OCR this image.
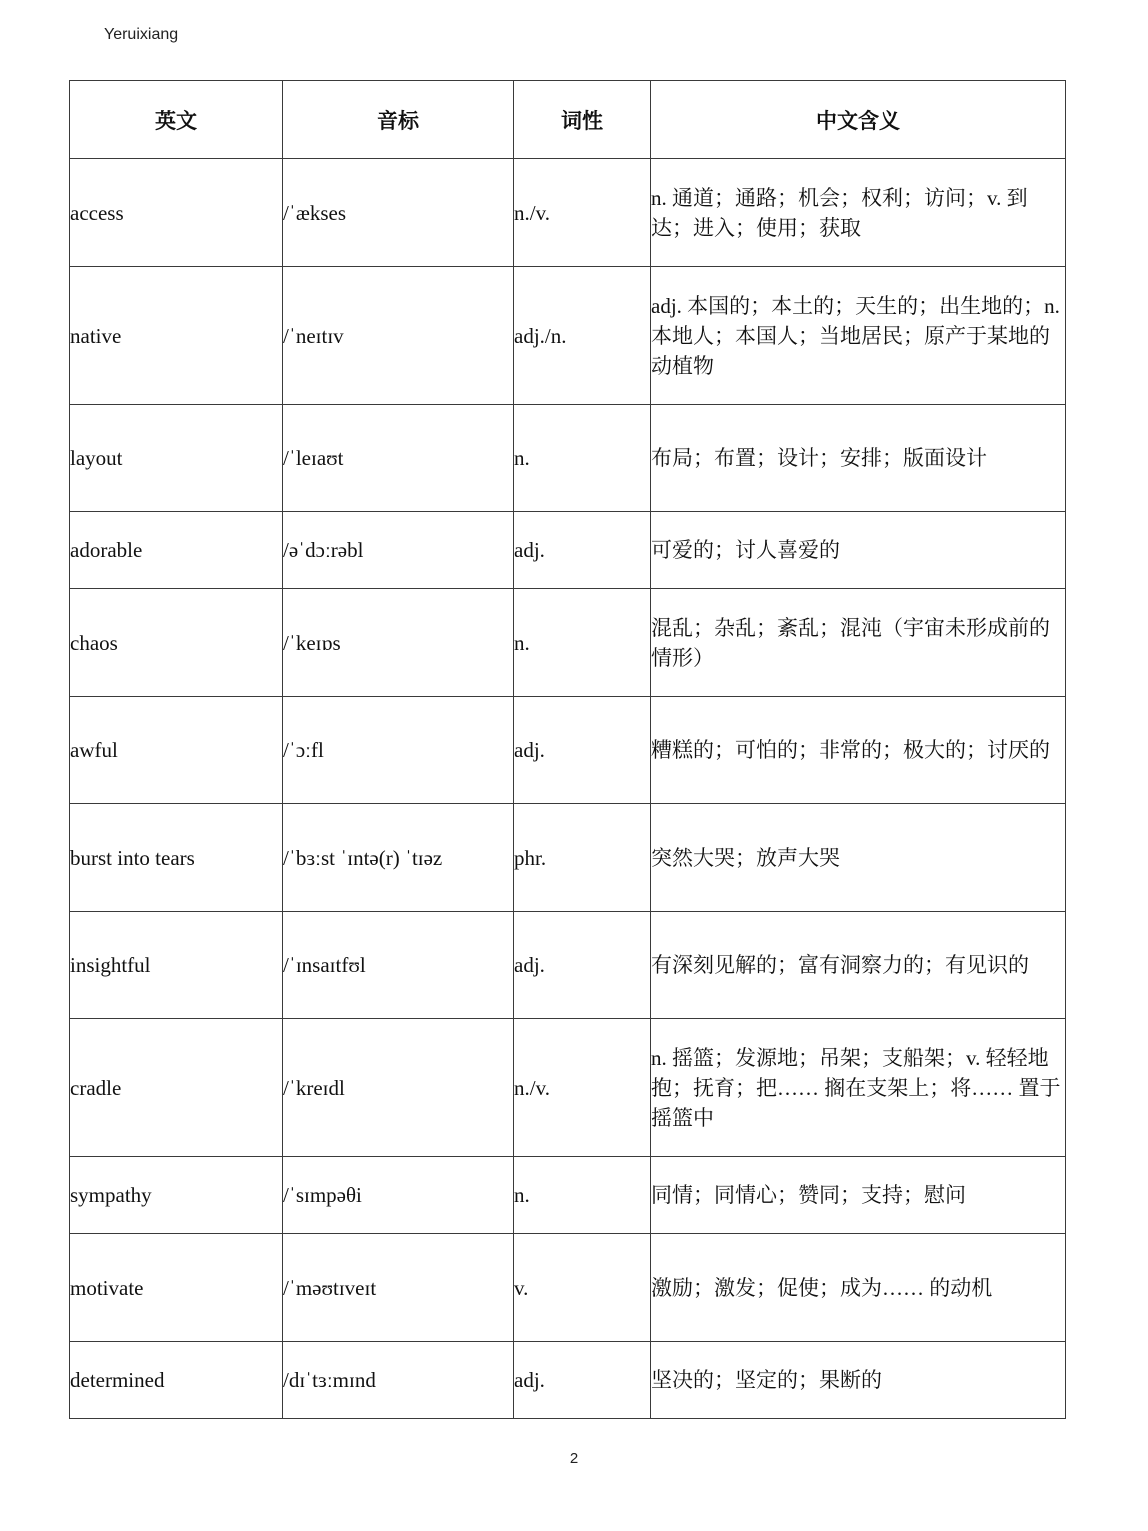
Yeruixiang
英文	音标	词性	中文含义
access	/ˈækses	n./v.	n. 通道；通路；机会；权利；访问；v. 到达；进入；使用；获取
native	/ˈneɪtɪv	adj./n.	adj. 本国的；本土的；天生的；出生地的；n. 本地人；本国人；当地居民；原产于某地的动植物
layout	/ˈleɪaʊt	n.	布局；布置；设计；安排；版面设计
adorable	/əˈdɔːrəbl	adj.	可爱的；讨人喜爱的
chaos	/ˈkeɪɒs	n.	混乱；杂乱；紊乱；混沌（宇宙未形成前的情形）
awful	/ˈɔːfl	adj.	糟糕的；可怕的；非常的；极大的；讨厌的
burst into tears	/ˈbɜːst ˈɪntə(r) ˈtɪəz	phr.	突然大哭；放声大哭
insightful	/ˈɪnsaɪtfʊl	adj.	有深刻见解的；富有洞察力的；有见识的
cradle	/ˈkreɪdl	n./v.	n. 摇篮；发源地；吊架；支船架；v. 轻轻地抱；抚育；把…… 搁在支架上；将…… 置于摇篮中
sympathy	/ˈsɪmpəθi	n.	同情；同情心；赞同；支持；慰问
motivate	/ˈməʊtɪveɪt	v.	激励；激发；促使；成为…… 的动机
determined	/dɪˈtɜːmɪnd	adj.	坚决的；坚定的；果断的
2
